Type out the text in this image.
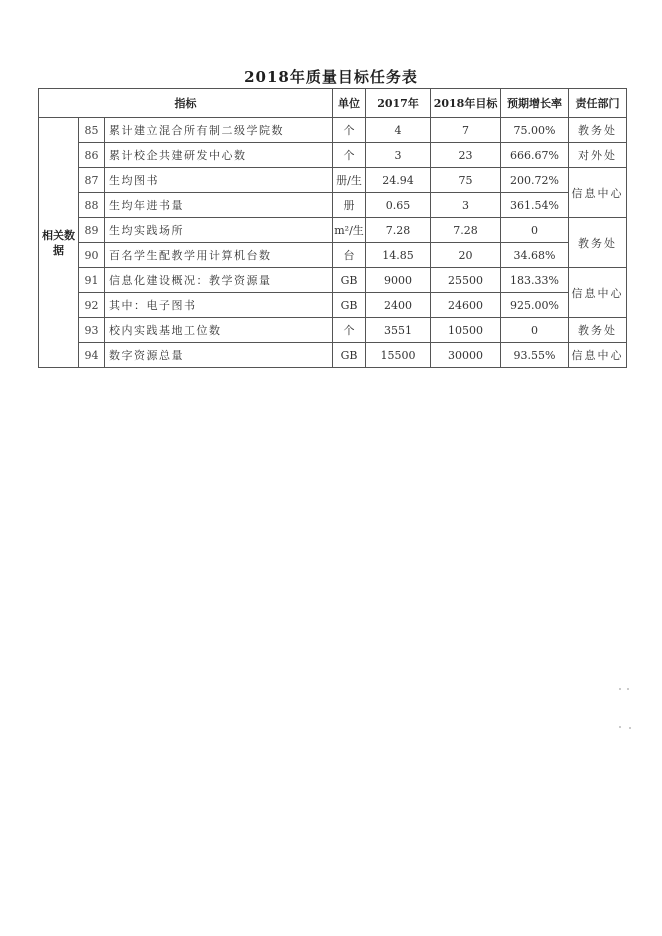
2018年质量目标任务表
指标			单位	2017年	2018年目标	预期增长率	责任部门
相关数据	85	累计建立混合所有制二级学院数	个	4	7	75.00%	教务处
	86	累计校企共建研发中心数	个	3	23	666.67%	对外处
	87	生均图书	册/生	24.94	75	200.72%	信息中心
	88	生均年进书量	册	0.65	3	361.54%	
	89	生均实践场所	m²/生	7.28	7.28	0	教务处
	90	百名学生配教学用计算机台数	台	14.85	20	34.68%	
	91	信息化建设概况：教学资源量	GB	9000	25500	183.33%	信息中心
	92	其中：电子图书	GB	2400	24600	925.00%	
	93	校内实践基地工位数	个	3551	10500	0	教务处
	94	数字资源总量	GB	15500	30000	93.55%	信息中心
